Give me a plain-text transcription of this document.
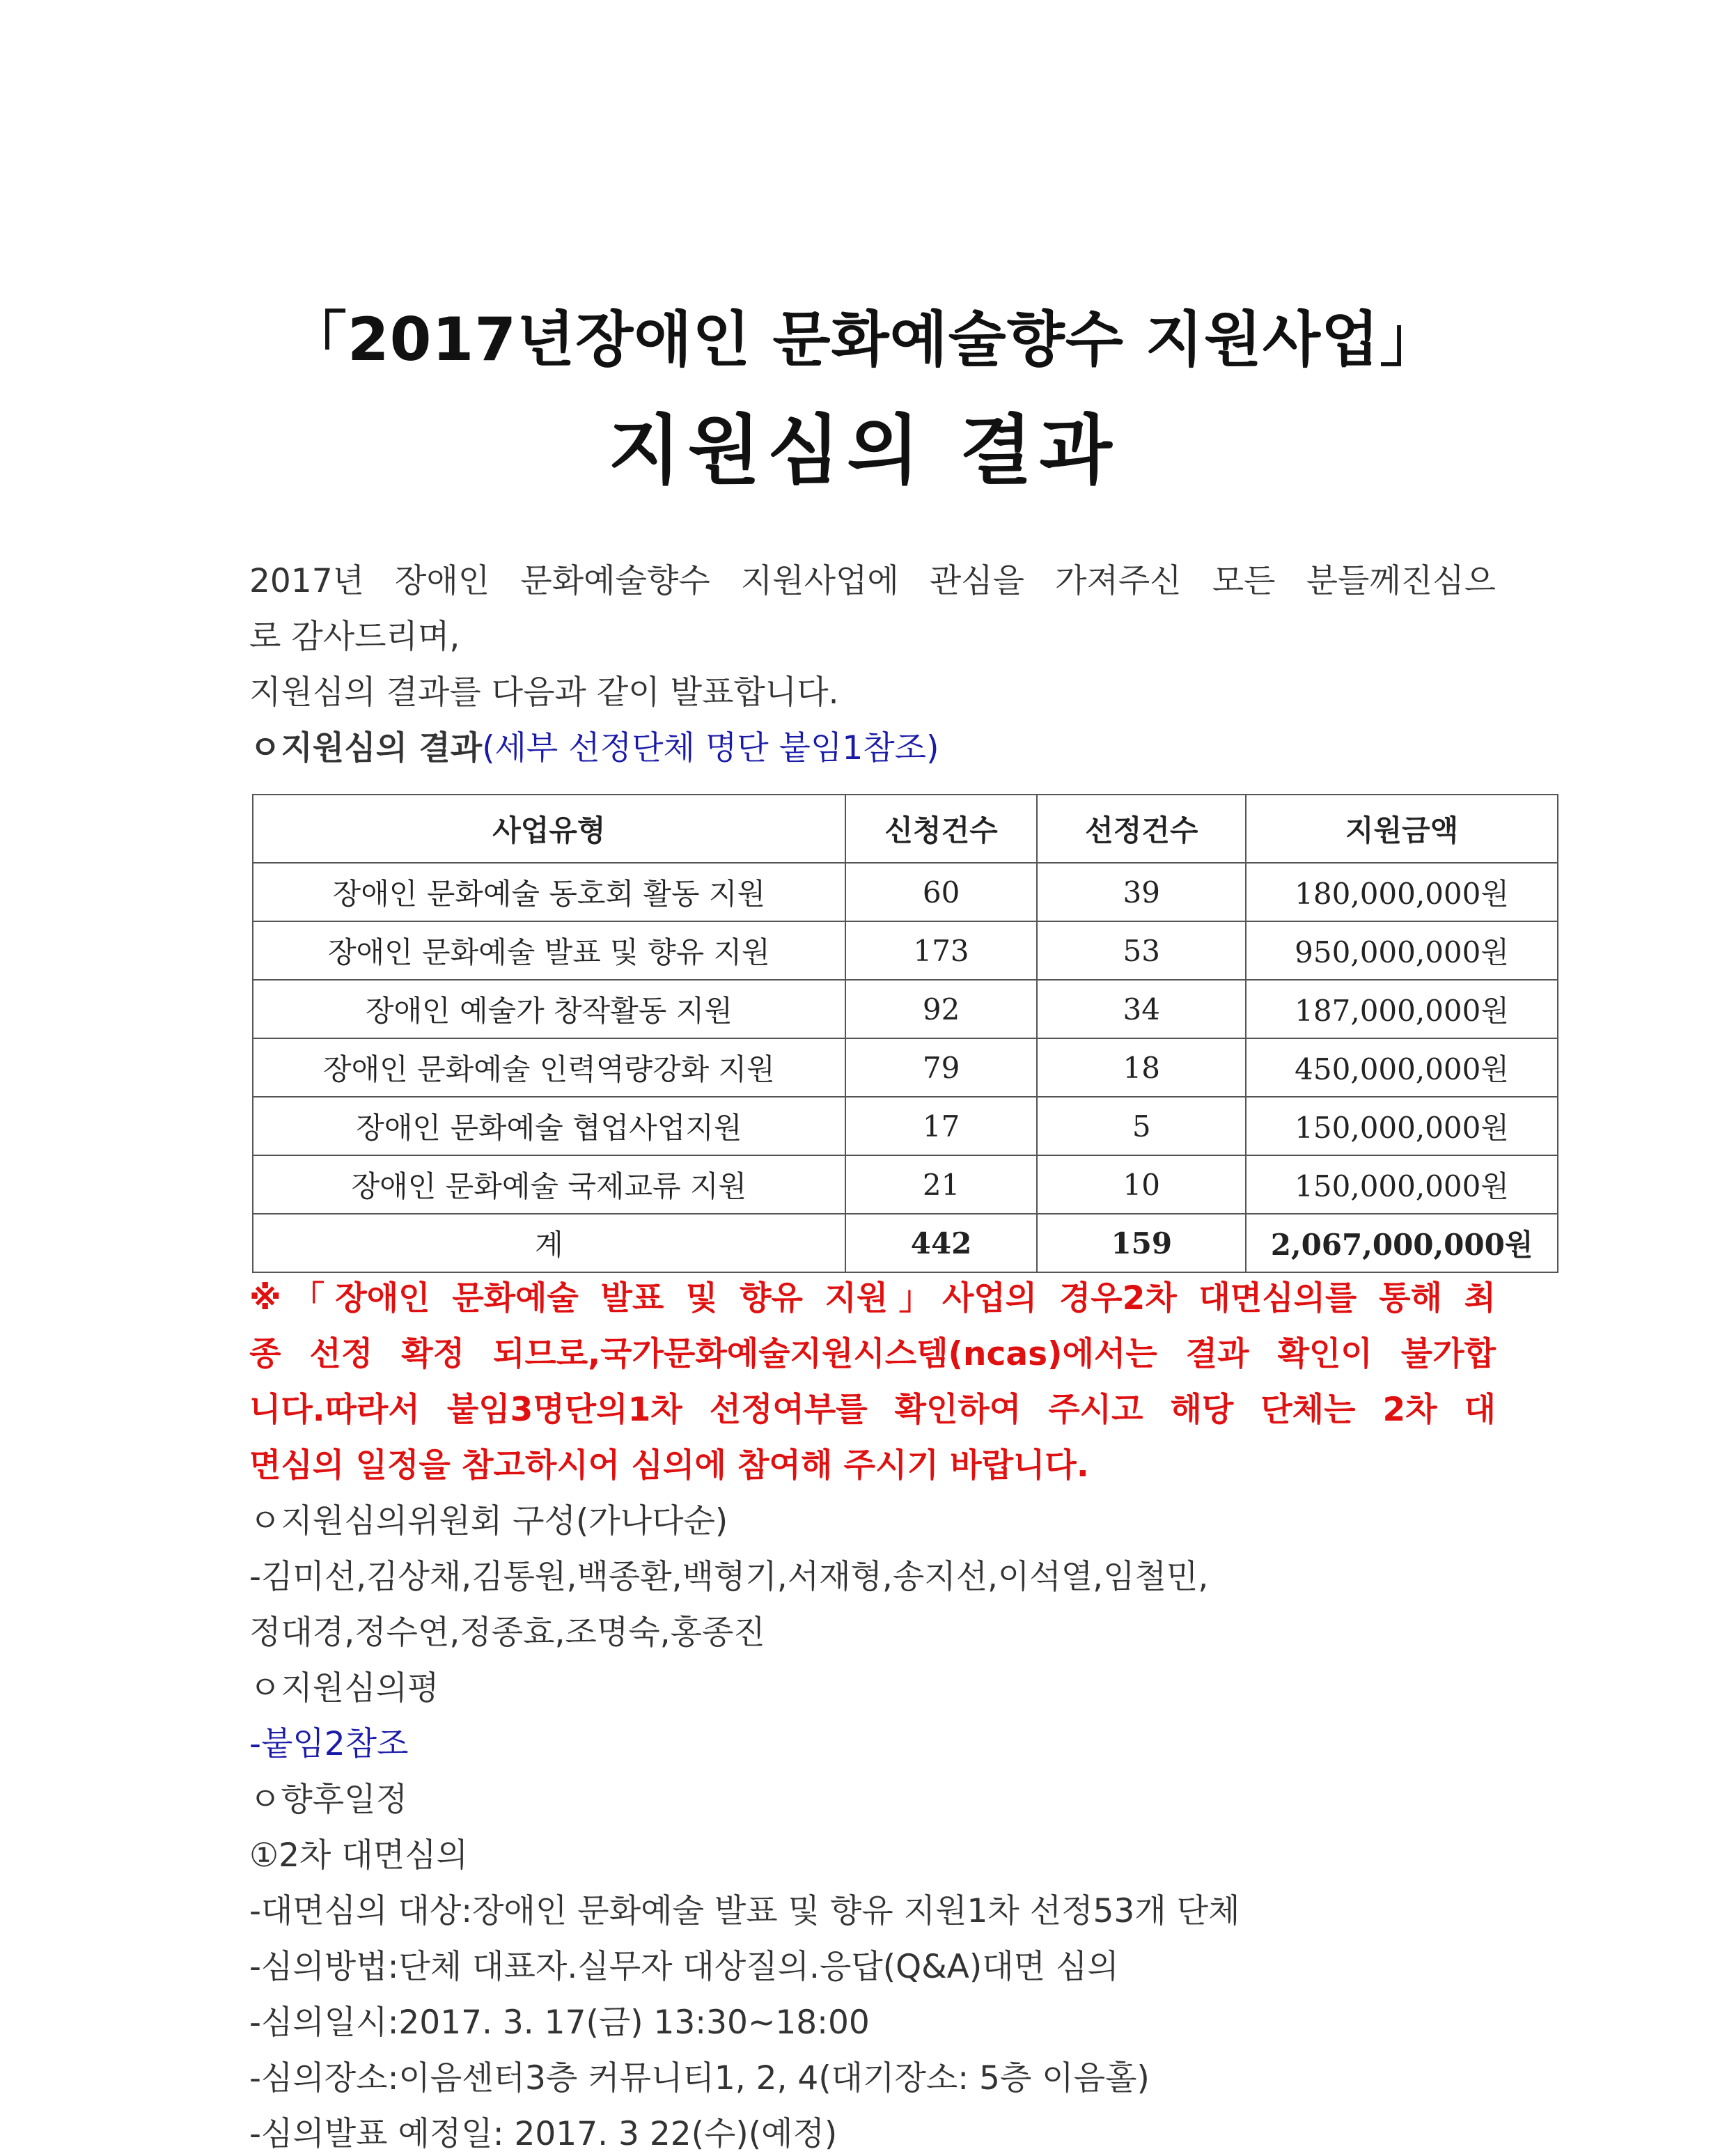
「2017년장애인 문화예술향수 지원사업」
지원심의 결과
2017년 장애인 문화예술향수 지원사업에 관심을 가져주신 모든 분들께진심으
로 감사드리며,
지원심의 결과를 다음과 같이 발표합니다.
ㅇ지원심의 결과(세부 선정단체 명단 붙임1참조)
사업유형	신청건수	선정건수	지원금액
장애인 문화예술 동호회 활동 지원	60	39	180,000,000원
장애인 문화예술 발표 및 향유 지원	173	53	950,000,000원
장애인 예술가 창작활동 지원	92	34	187,000,000원
장애인 문화예술 인력역량강화 지원	79	18	450,000,000원
장애인 문화예술 협업사업지원	17	5	150,000,000원
장애인 문화예술 국제교류 지원	21	10	150,000,000원
계	442	159	2,067,000,000원
※「장애인 문화예술 발표 및 향유 지원」사업의 경우2차 대면심의를 통해 최
종 선정 확정 되므로,국가문화예술지원시스템(ncas)에서는 결과 확인이 불가합
니다.따라서 붙임3명단의1차 선정여부를 확인하여 주시고 해당 단체는 2차 대
면심의 일정을 참고하시어 심의에 참여해 주시기 바랍니다.
ㅇ지원심의위원회 구성(가나다순)
-김미선,김상채,김통원,백종환,백형기,서재형,송지선,이석열,임철민,
정대경,정수연,정종효,조명숙,홍종진
ㅇ지원심의평
-붙임2참조
ㅇ향후일정
①2차 대면심의
-대면심의 대상:장애인 문화예술 발표 및 향유 지원1차 선정53개 단체
-심의방법:단체 대표자.실무자 대상질의.응답(Q&A)대면 심의
-심의일시:2017. 3. 17(금) 13:30~18:00
-심의장소:이음센터3층 커뮤니티1, 2, 4(대기장소: 5층 이음홀)
-심의발표 예정일: 2017. 3 22(수)(예정)
